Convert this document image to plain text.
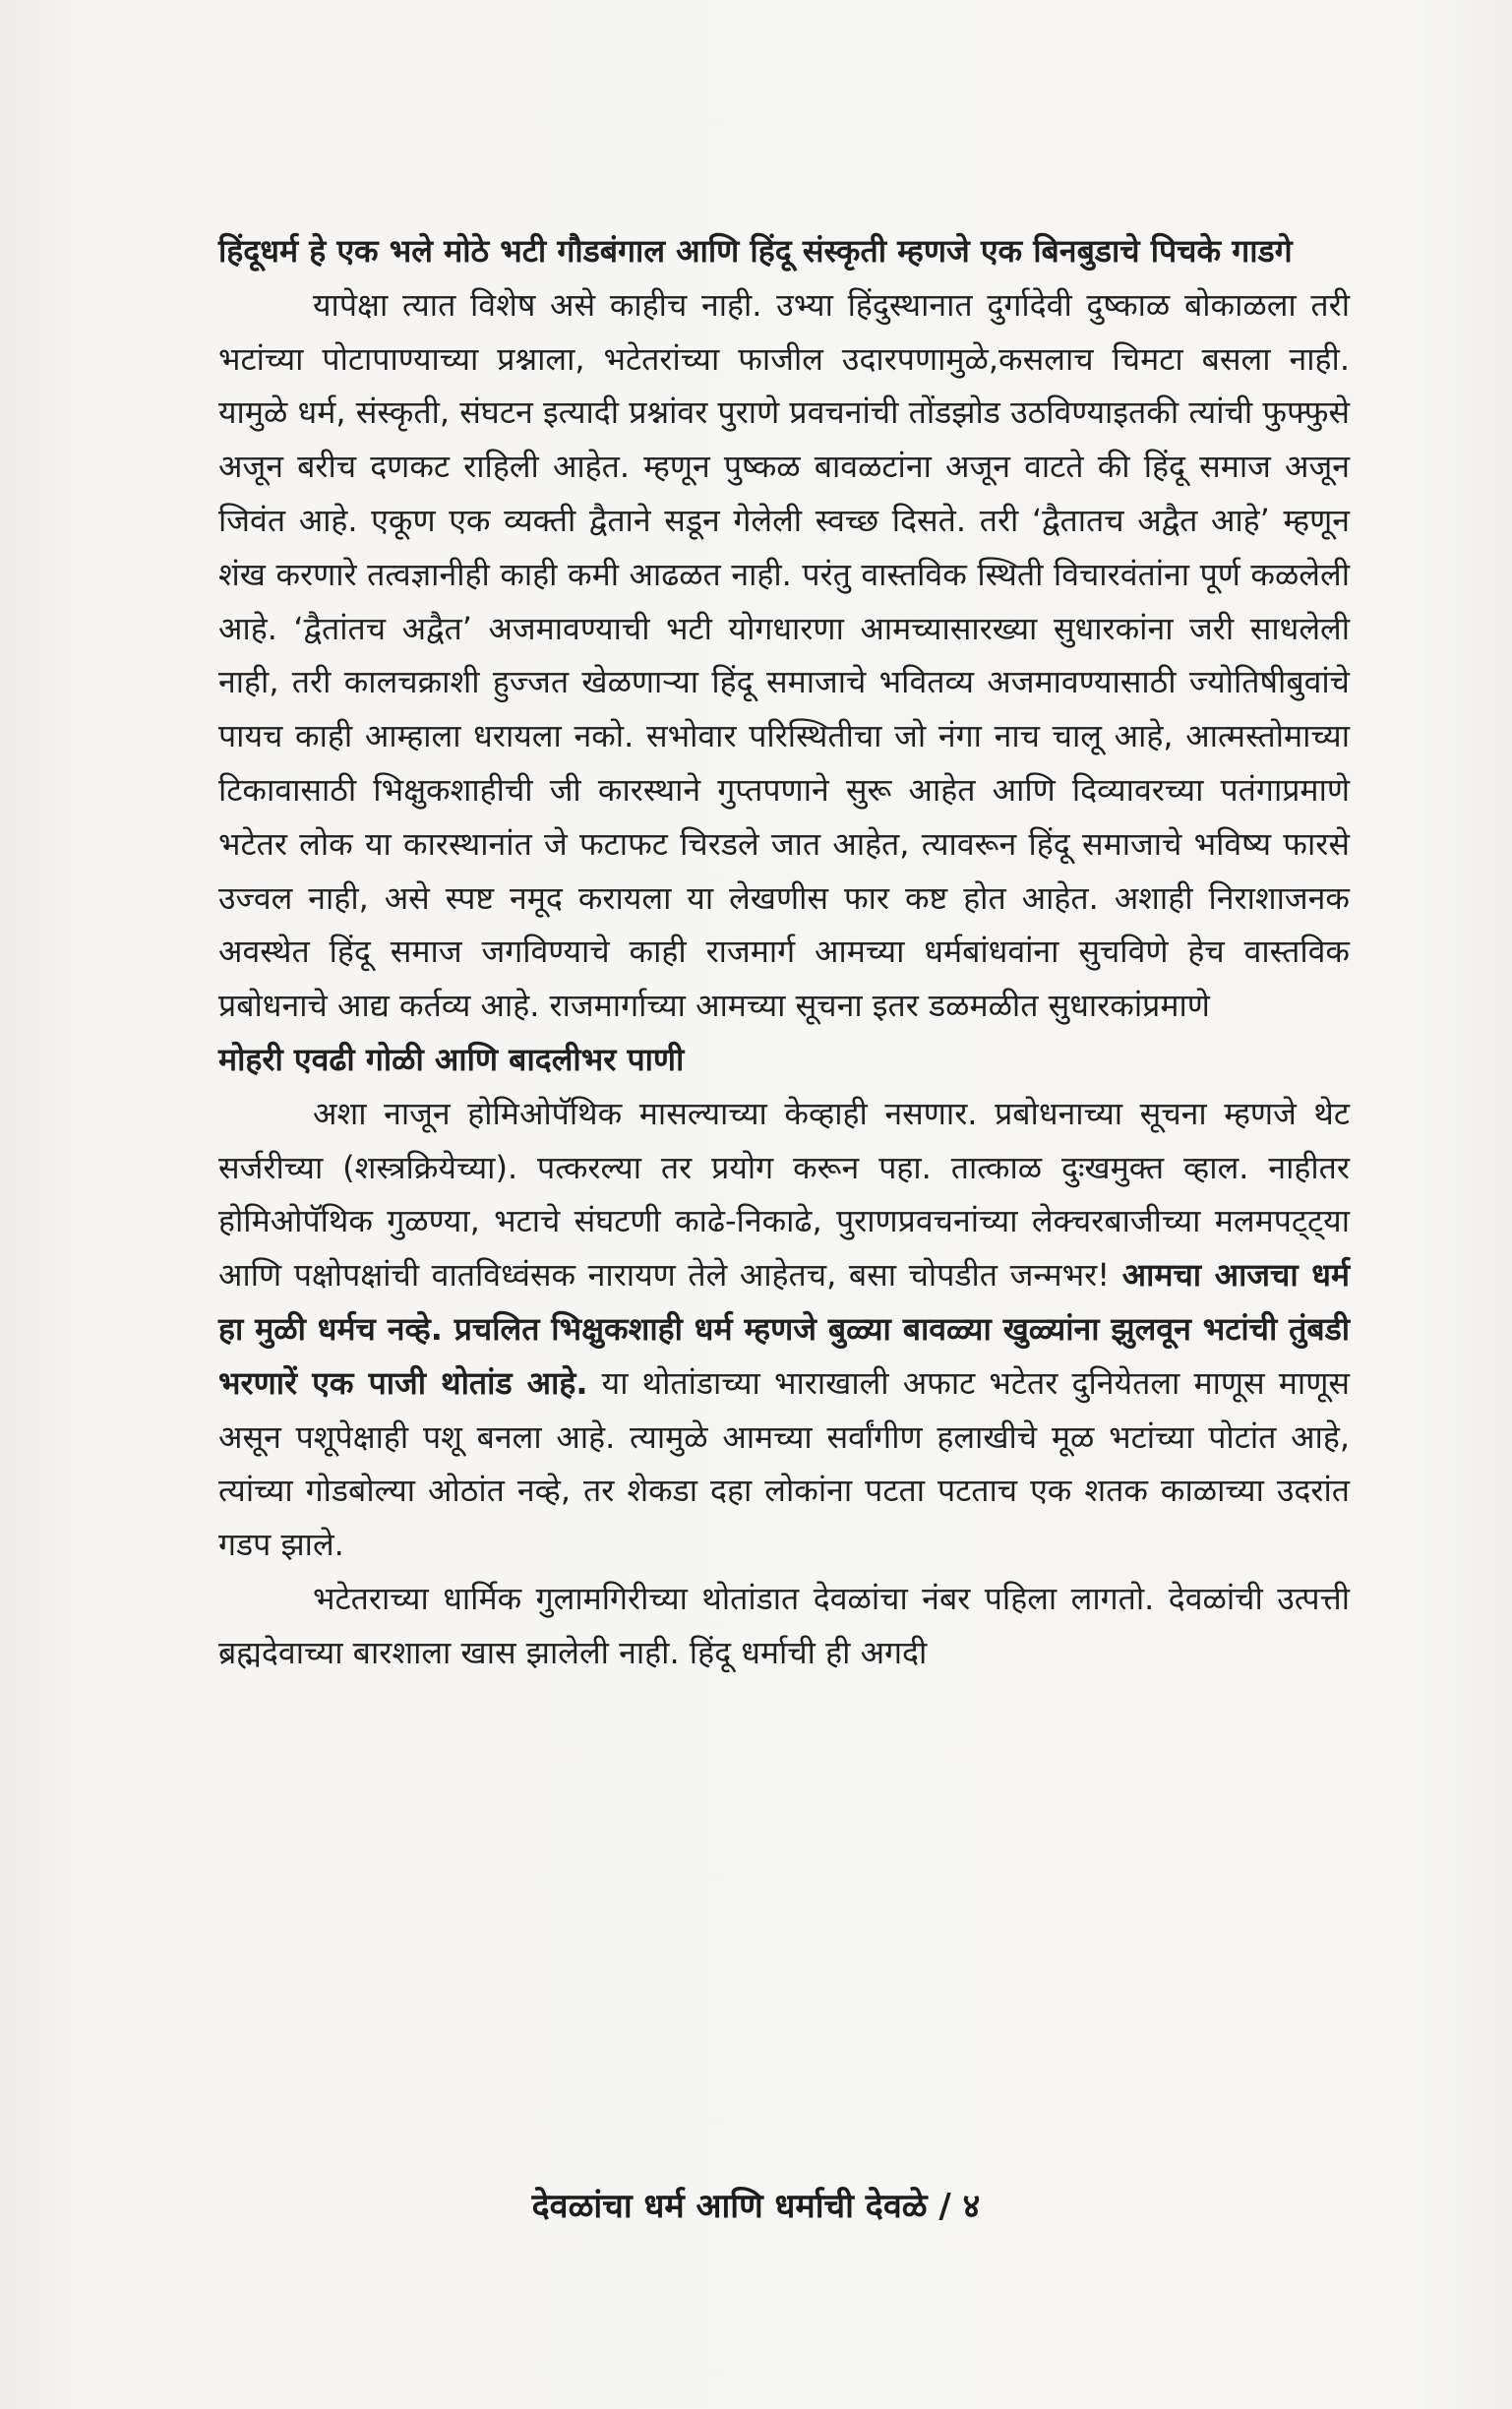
हिंदूधर्म हे एक भले मोठे भटी गौडबंगाल आणि हिंदू संस्कृती म्हणजे एक बिनबुडाचे पिचके गाडगे

यापेक्षा त्यात विशेष असे काहीच नाही. उभ्या हिंदुस्थानात दुर्गादेवी दुष्काळ बोकाळला तरी भटांच्या पोटापाण्याच्या प्रश्नाला, भटेतरांच्या फाजील उदारपणामुळे,कसलाच चिमटा बसला नाही. यामुळे धर्म, संस्कृती, संघटन इत्यादी प्रश्नांवर पुराणे प्रवचनांची तोंडझोड उठविण्याइतकी त्यांची फुफ्फुसे अजून बरीच दणकट राहिली आहेत. म्हणून पुष्कळ बावळटांना अजून वाटते की हिंदू समाज अजून जिवंत आहे. एकूण एक व्यक्ती द्वैताने सडून गेलेली स्वच्छ दिसते. तरी ‘द्वैतातच अद्वैत आहे’ म्हणून शंख करणारे तत्वज्ञानीही काही कमी आढळत नाही. परंतु वास्तविक स्थिती विचारवंतांना पूर्ण कळलेली आहे. ‘द्वैतांतच अद्वैत’ अजमावण्याची भटी योगधारणा आमच्यासारख्या सुधारकांना जरी साधलेली नाही, तरी कालचक्राशी हुज्जत खेळणाऱ्या हिंदू समाजाचे भवितव्य अजमावण्यासाठी ज्योतिषीबुवांचे पायच काही आम्हाला धरायला नको. सभोवार परिस्थितीचा जो नंगा नाच चालू आहे, आत्मस्तोमाच्या टिकावासाठी भिक्षुकशाहीची जी कारस्थाने गुप्तपणाने सुरू आहेत आणि दिव्यावरच्या पतंगाप्रमाणे भटेतर लोक या कारस्थानांत जे फटाफट चिरडले जात आहेत, त्यावरून हिंदू समाजाचे भविष्य फारसे उज्वल नाही, असे स्पष्ट नमूद करायला या लेखणीस फार कष्ट होत आहेत. अशाही निराशाजनक अवस्थेत हिंदू समाज जगविण्याचे काही राजमार्ग आमच्या धर्मबांधवांना सुचविणे हेच वास्तविक प्रबोधनाचे आद्य कर्तव्य आहे. राजमार्गाच्या आमच्या सूचना इतर डळमळीत सुधारकांप्रमाणे

मोहरी एवढी गोळी आणि बादलीभर पाणी

अशा नाजून होमिओपॅथिक मासल्याच्या केव्हाही नसणार. प्रबोधनाच्या सूचना म्हणजे थेट सर्जरीच्या (शस्त्रक्रियेच्या). पत्करल्या तर प्रयोग करून पहा. तात्काळ दुःखमुक्त व्हाल. नाहीतर होमिओपॅथिक गुळण्या, भटाचे संघटणी काढे-निकाढे, पुराणप्रवचनांच्या लेक्चरबाजीच्या मलमपट्ट्या आणि पक्षोपक्षांची वातविध्वंसक नारायण तेले आहेतच, बसा चोपडीत जन्मभर! आमचा आजचा धर्म हा मुळी धर्मच नव्हे. प्रचलित भिक्षुकशाही धर्म म्हणजे बुळ्या बावळ्या खुळ्यांना झुलवून भटांची तुंबडी भरणारें एक पाजी थोतांड आहे. या थोतांडाच्या भाराखाली अफाट भटेतर दुनियेतला माणूस माणूस असून पशूपेक्षाही पशू बनला आहे. त्यामुळे आमच्या सर्वांगीण हलाखीचे मूळ भटांच्या पोटांत आहे, त्यांच्या गोडबोल्या ओठांत नव्हे, तर शेकडा दहा लोकांना पटता पटताच एक शतक काळाच्या उदरांत गडप झाले.

भटेतराच्या धार्मिक गुलामगिरीच्या थोतांडात देवळांचा नंबर पहिला लागतो. देवळांची उत्पत्ती ब्रह्मदेवाच्या बारशाला खास झालेली नाही. हिंदू धर्माची ही अगदी

देवळांचा धर्म आणि धर्माची देवळे / ४
